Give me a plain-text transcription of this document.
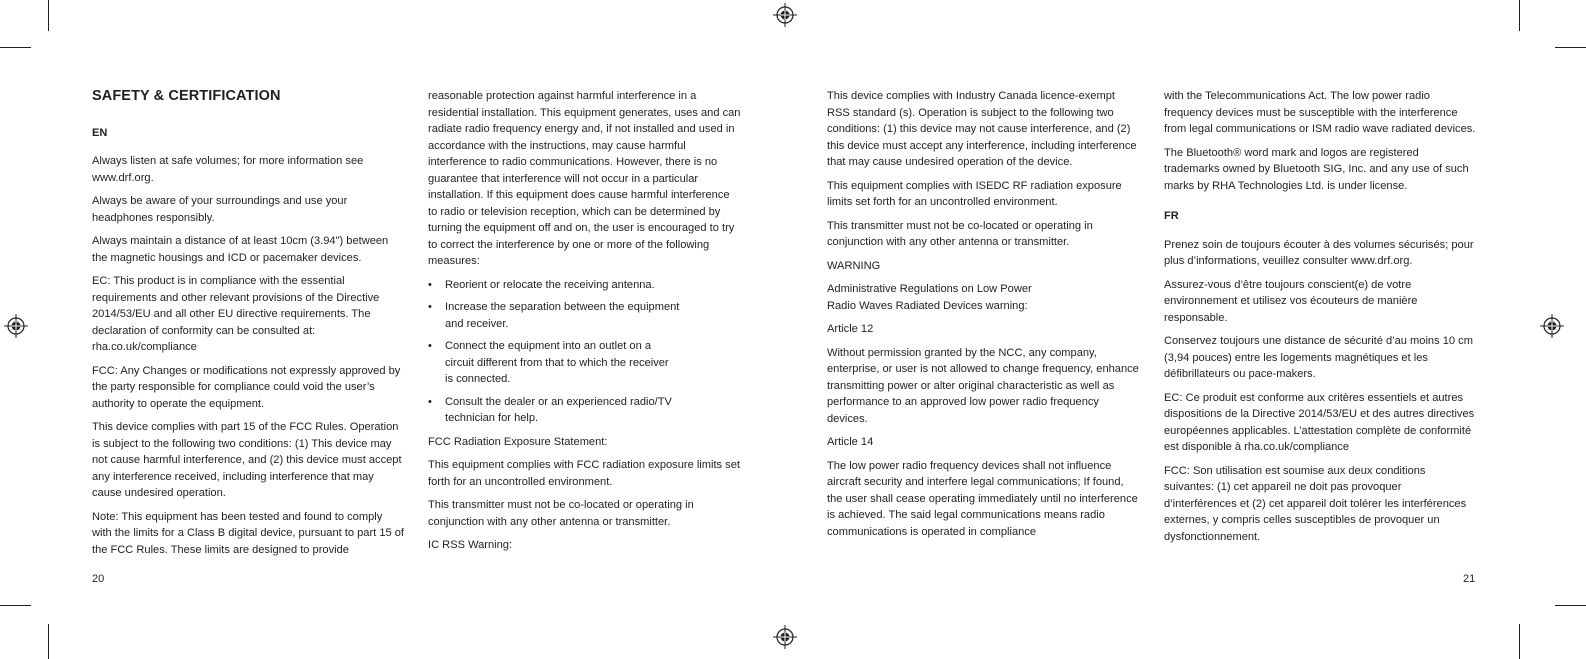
SAFETY & CERTIFICATION
EN

Always listen at safe volumes; for more information see www.drf.org.

Always be aware of your surroundings and use your headphones responsibly.

Always maintain a distance of at least 10cm (3.94") between the magnetic housings and ICD or pacemaker devices.

EC: This product is in compliance with the essential requirements and other relevant provisions of the Directive 2014/53/EU and all other EU directive requirements. The declaration of conformity can be consulted at: rha.co.uk/compliance

FCC: Any Changes or modifications not expressly approved by the party responsible for compliance could void the user’s authority to operate the equipment.

This device complies with part 15 of the FCC Rules. Operation is subject to the following two conditions: (1) This device may not cause harmful interference, and (2) this device must accept any interference received, including interference that may cause undesired operation.

Note: This equipment has been tested and found to comply with the limits for a Class B digital device, pursuant to part 15 of the FCC Rules. These limits are designed to provide

reasonable protection against harmful interference in a residential installation. This equipment generates, uses and can radiate radio frequency energy and, if not installed and used in accordance with the instructions, may cause harmful interference to radio communications. However, there is no guarantee that interference will not occur in a particular installation. If this equipment does cause harmful interference to radio or television reception, which can be determined by turning the equipment off and on, the user is encouraged to try to correct the interference by one or more of the following measures:

• Reorient or relocate the receiving antenna.
• Increase the separation between the equipment and receiver.
• Connect the equipment into an outlet on a circuit different from that to which the receiver is connected.
• Consult the dealer or an experienced radio/TV technician for help.

FCC Radiation Exposure Statement:

This equipment complies with FCC radiation exposure limits set forth for an uncontrolled environment.

This transmitter must not be co-located or operating in conjunction with any other antenna or transmitter.

IC RSS Warning:

This device complies with Industry Canada licence-exempt RSS standard (s). Operation is subject to the following two conditions: (1) this device may not cause interference, and (2) this device must accept any interference, including interference that may cause undesired operation of the device.

This equipment complies with ISEDC RF radiation exposure limits set forth for an uncontrolled environment.

This transmitter must not be co-located or operating in conjunction with any other antenna or transmitter.

WARNING

Administrative Regulations on Low Power Radio Waves Radiated Devices warning:

Article 12

Without permission granted by the NCC, any company, enterprise, or user is not allowed to change frequency, enhance transmitting power or alter original characteristic as well as performance to an approved low power radio frequency devices.

Article 14

The low power radio frequency devices shall not influence aircraft security and interfere legal communications; If found, the user shall cease operating immediately until no interference is achieved. The said legal communications means radio communications is operated in compliance

with the Telecommunications Act. The low power radio frequency devices must be susceptible with the interference from legal communications or ISM radio wave radiated devices.

The Bluetooth® word mark and logos are registered trademarks owned by Bluetooth SIG, Inc. and any use of such marks by RHA Technologies Ltd. is under license.

FR

Prenez soin de toujours écouter à des volumes sécurisés; pour plus d’informations, veuillez consulter www.drf.org.

Assurez-vous d’être toujours conscient(e) de votre environnement et utilisez vos écouteurs de manière responsable.

Conservez toujours une distance de sécurité d’au moins 10 cm (3,94 pouces) entre les logements magnétiques et les défibrillateurs ou pace-makers.

EC: Ce produit est conforme aux critères essentiels et autres dispositions de la Directive 2014/53/EU et des autres directives européennes applicables. L’attestation complète de conformité est disponible à rha.co.uk/compliance

FCC: Son utilisation est soumise aux deux conditions suivantes: (1) cet appareil ne doit pas provoquer d’interférences et (2) cet appareil doit tolérer les interférences externes, y compris celles susceptibles de provoquer un dysfonctionnement.

20	21
